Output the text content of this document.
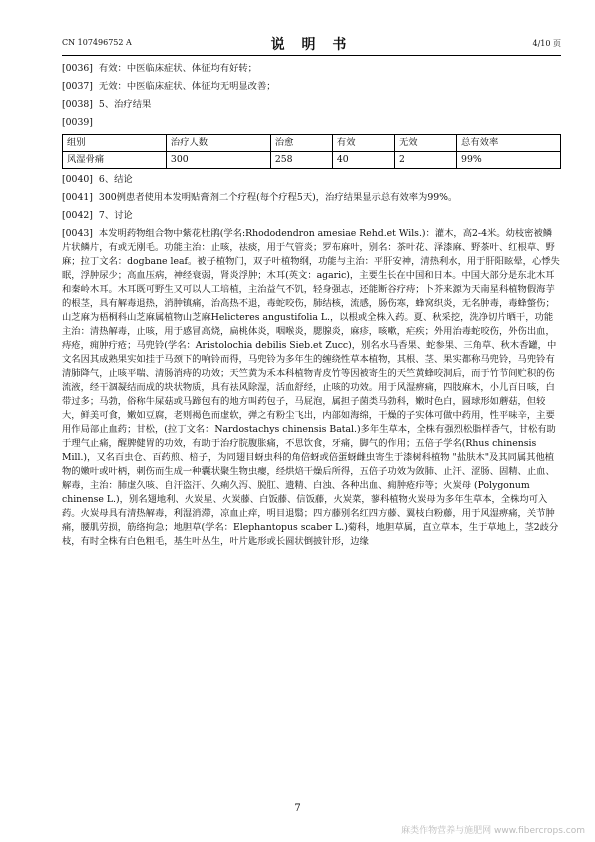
CN 107496752 A	说 明 书	4/10 页
[0036] 有效：中医临床症状、体征均有好转；
[0037] 无效：中医临床症状、体征均无明显改善；
[0038] 5、治疗结果
[0039]
组别	治疗人数	治愈	有效	无效	总有效率
风湿骨痛	300	258	40	2	99%
[0040] 6、结论
[0041] 300例患者使用本发明贴膏剂二个疗程(每个疗程5天)，治疗结果显示总有效率为99%。
[0042] 7、讨论
[0043] 本发明药物组合物中紫花杜鹃(学名:Rhododendron amesiae Rehd.et Wils.)：灌木，高2-4米。幼枝密被鳞片状鳞片，有或无刚毛。功能主治：止咳，祛痰，用于气管炎；罗布麻叶，别名：茶叶花、泽漆麻、野茶叶、红根草、野麻；拉丁文名：dogbane leaf。被子植物门，双子叶植物纲，功能与主治：平肝安神，清热利水，用于肝阳眩晕，心悸失眠，浮肿尿少；高血压病，神经衰弱，肾炎浮肿；木耳(英文：agaric)，主要生长在中国和日本。中国大部分是东北木耳和秦岭木耳。木耳既可野生又可以人工培植，主治益气不饥，轻身强志，还能断谷疗痔；卜芥来源为天南星科植物假海芋的根茎，具有解毒退热，消肿镇痛，治高热不退，毒蛇咬伤，肺结核，流感，肠伤寒，蜂窝织炎，无名肿毒，毒蜂螫伤；山芝麻为梧桐科山芝麻属植物山芝麻Helicteres angustifolia L.，以根或全株入药。夏、秋采挖，洗净切片晒干，功能主治：清热解毒，止咳，用于感冒高烧，扁桃体炎，咽喉炎，腮腺炎，麻疹，咳嗽，疟疾；外用治毒蛇咬伤，外伤出血，痔疮，痈肿疔疮；马兜铃(学名：Aristolochia debilis Sieb.et Zucc)，别名水马香果、蛇参果、三角草、秋木香罐，中文名因其成熟果实如挂于马颈下的响铃而得，马兜铃为多年生的缠绕性草本植物，其根、茎、果实都称马兜铃，马兜铃有清肺降气，止咳平喘、清肠消痔的功效；天竺黄为禾本科植物青皮竹等因被寄生的天竺黄蜂咬洞后，而于竹节间贮积的伤流液，经干涸凝结而成的块状物质，具有祛风除湿，活血舒经，止咳的功效。用于风湿痹痛，四肢麻木，小儿百日咳，白带过多；马勃，俗称牛屎菇或马蹄包有的地方叫药包子，马屁泡，属担子菌类马勃科，嫩时色白，圆球形如蘑菇，但较大，鲜美可食，嫩如豆腐，老则褐色而虚软，弹之有粉尘飞出，内部如海绵，干燥的子实体可做中药用，性平味辛，主要用作局部止血药；甘松，(拉丁文名：Nardostachys chinensis Batal.)多年生草本，全株有强烈松脂样香气，甘松有助于理气止痛，醒脾健胃的功效，有助于治疗脘腹胀痛，不思饮食，牙痛，脚气的作用；五倍子学名(Rhus chinensis Mill.)，又名百虫仓、百药煎、棓子，为同翅目蚜虫科的角倍蚜或倍蛋蚜雌虫寄生于漆树科植物 "盐肤木"及其同属其他植物的嫩叶或叶柄，刺伤而生成一种囊状聚生物虫瘿，经烘焙干燥后所得，五倍子功效为敛肺、止汗、涩肠、固精、止血、解毒，主治：肺虚久咳、自汗盗汗、久痢久泻、脱肛、遗精、白浊、各种出血、痈肿疮疖等；火炭母 (Polygonum chinense L.)，别名翅地利、火炭星、火炭藤、白饭藤、信饭藤，火炭菜，蓼科植物火炭母为多年生草本，全株均可入药。火炭母具有清热解毒，利湿消滞，凉血止痒，明目退翳；四方藤别名红四方藤、翼枝白粉藤，用于风湿痹痛，关节肿痛，腰肌劳损，筋络拘急；地胆草(学名：Elephantopus scaber L.)菊科，地胆草属，直立草本，生于草地上，茎2歧分枝，有时全株有白色粗毛，基生叶丛生，叶片匙形或长圆状倒披针形，边缘
7
麻类作物营养与施肥网 www.fibercrops.com
